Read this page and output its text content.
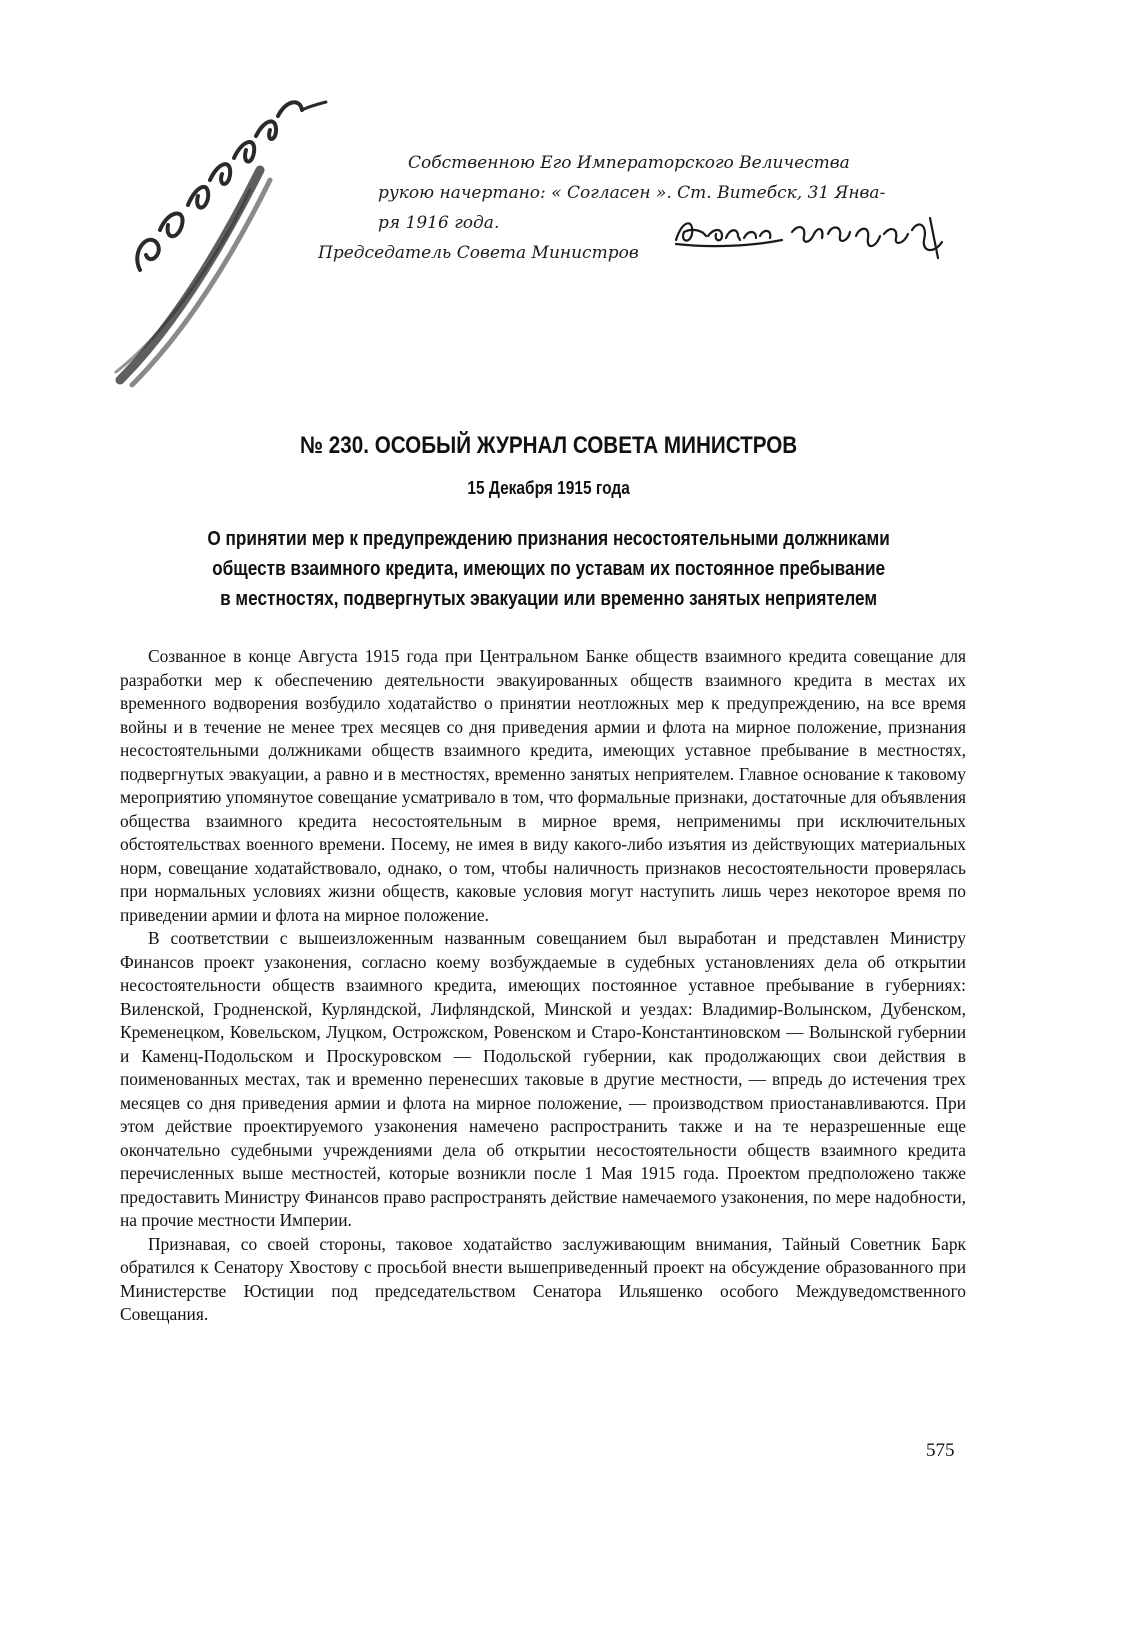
Согласен
Собственною Его Императорского Величества
рукою начертано: « Согласен ». Ст. Витебск, 31 Янва-
ря 1916 года.
Председатель Совета Министров
Борис Штюрмер
№ 230. ОСОБЫЙ ЖУРНАЛ СОВЕТА МИНИСТРОВ
15 Декабря 1915 года
О принятии мер к предупреждению признания несостоятельными должниками
обществ взаимного кредита, имеющих по уставам их постоянное пребывание
в местностях, подвергнутых эвакуации или временно занятых неприятелем

Созванное в конце Августа 1915 года при Центральном Банке обществ взаимного кредита совещание для разработки мер к обеспечению деятельности эвакуированных обществ взаимного кредита в местах их временного водворения возбудило ходатайство о принятии неотложных мер к предупреждению, на все время войны и в течение не менее трех месяцев со дня приведения армии и флота на мирное положение, признания несостоятельными должниками обществ взаимного кредита, имеющих уставное пребывание в местностях, подвергнутых эвакуации, а равно и в местностях, временно занятых неприятелем. Главное основание к таковому мероприятию упомянутое совещание усматривало в том, что формальные признаки, достаточные для объявления общества взаимного кредита несостоятельным в мирное время, неприменимы при исключительных обстоятельствах военного времени. Посему, не имея в виду какого-либо изъятия из действующих материальных норм, совещание ходатайствовало, однако, о том, чтобы наличность признаков несостоятельности проверялась при нормальных условиях жизни обществ, каковые условия могут наступить лишь через некоторое время по приведении армии и флота на мирное положение.

В соответствии с вышеизложенным названным совещанием был выработан и представлен Министру Финансов проект узаконения, согласно коему возбуждаемые в судебных установлениях дела об открытии несостоятельности обществ взаимного кредита, имеющих постоянное уставное пребывание в губерниях: Виленской, Гродненской, Курляндской, Лифляндской, Минской и уездах: Владимир-Волынском, Дубенском, Кременецком, Ковельском, Луцком, Острожском, Ровенском и Старо-Константиновском — Волынской губернии и Каменц-Подольском и Проскуровском — Подольской губернии, как продолжающих свои действия в поименованных местах, так и временно перенесших таковые в другие местности, — впредь до истечения трех месяцев со дня приведения армии и флота на мирное положение, — производством приостанавливаются. При этом действие проектируемого узаконения намечено распространить также и на те неразрешенные еще окончательно судебными учреждениями дела об открытии несостоятельности обществ взаимного кредита перечисленных выше местностей, которые возникли после 1 Мая 1915 года. Проектом предположено также предоставить Министру Финансов право распространять действие намечаемого узаконения, по мере надобности, на прочие местности Империи.

Признавая, со своей стороны, таковое ходатайство заслуживающим внимания, Тайный Советник Барк обратился к Сенатору Хвостову с просьбой внести вышеприведенный проект на обсуждение образованного при Министерстве Юстиции под председательством Сенатора Ильяшенко особого Междуведомственного Совещания.

575
